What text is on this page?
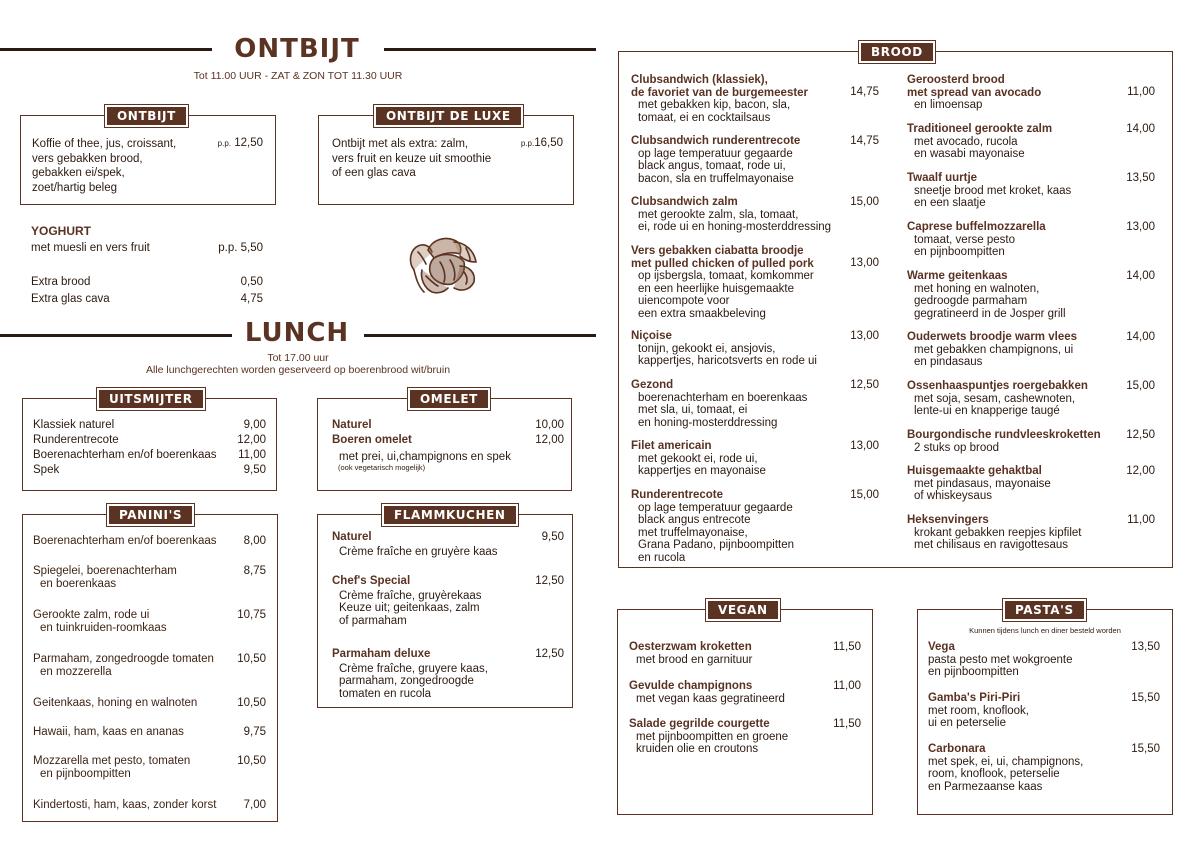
ONTBIJT
Tot 11.00 UUR - ZAT & ZON TOT 11.30 UUR
ONTBIJT
Koffie of thee, jus, croissant,
vers gebakken brood,
gebakken ei/spek,
zoet/hartig beleg
p.p. 12,50
ONTBIJT DE LUXE
Ontbijt met als extra: zalm,
vers fruit en keuze uit smoothie
of een glas cava
p.p.16,50
YOGHURT
met muesli en vers fruit	p.p. 5,50
Extra brood	0,50
Extra glas cava	4,75
LUNCH
Tot 17.00 uur
Alle lunchgerechten worden geserveerd op boerenbrood wit/bruin
UITSMIJTER
Klassiek naturel	9,00
Runderentrecote	12,00
Boerenachterham en/of boerenkaas 11,00
Spek	9,50
OMELET
Naturel	10,00
Boeren omelet	12,00
met prei, ui,champignons en spek
(ook vegetarisch mogelijk)
PANINI'S
Boerenachterham en/of boerenkaas	8,00
Spiegelei, boerenachterham
en boerenkaas
8,75
Gerookte zalm, rode ui
en tuinkruiden-roomkaas
10,75
Parmaham, zongedroogde tomaten
en mozzerella
10,50
Geitenkaas, honing en walnoten	10,50
Hawaii, ham, kaas en ananas	9,75
Mozzarella met pesto, tomaten
en pijnboompitten
10,50
Kindertosti, ham, kaas, zonder korst	7,00
FLAMMKUCHEN
Naturel
Crème fraîche en gruyère kaas
9,50
Chef's Special
Crème fraîche, gruyèrekaas
Keuze uit; geitenkaas, zalm
of parmaham
12,50
Parmaham deluxe
Crème fraîche, gruyere kaas,
parmaham, zongedroogde
tomaten en rucola
12,50
BROOD
Clubsandwich (klassiek),
de favoriet van de burgemeester
met gebakken kip, bacon, sla,
tomaat, ei en cocktailsaus
14,75
Clubsandwich runderentrecote
op lage temperatuur gegaarde
black angus, tomaat, rode ui,
bacon, sla en truffelmayonaise
14,75
Clubsandwich zalm
met gerookte zalm, sla, tomaat,
ei, rode ui en honing-mosterddressing
15,00
Vers gebakken ciabatta broodje
met pulled chicken of pulled pork
op ijsbergsla, tomaat, komkommer
en een heerlijke huisgemaakte
uiencompote voor
een extra smaakbeleving
13,00
Niçoise
tonijn, gekookt ei, ansjovis,
kappertjes, haricotsverts en rode ui
13,00
Gezond
boerenachterham en boerenkaas
met sla, ui, tomaat, ei
en honing-mosterddressing
12,50
Filet americain
met gekookt ei, rode ui,
kappertjes en mayonaise
13,00
Runderentrecote
op lage temperatuur gegaarde
black angus entrecote
met truffelmayonaise,
Grana Padano, pijnboompitten
en rucola
15,00
Geroosterd brood
met spread van avocado
en limoensap
11,00
Traditioneel gerookte zalm
met avocado, rucola
en wasabi mayonaise
14,00
Twaalf uurtje
sneetje brood met kroket, kaas
en een slaatje
13,50
Caprese buffelmozzarella
tomaat, verse pesto
en pijnboompitten
13,00
Warme geitenkaas
met honing en walnoten,
gedroogde parmaham
gegratineerd in de Josper grill
14,00
Ouderwets broodje warm vlees
met gebakken champignons, ui
en pindasaus
14,00
Ossenhaaspuntjes roergebakken
met soja, sesam, cashewnoten,
lente-ui en knapperige taugé
15,00
Bourgondische rundvleeskroketten
2 stuks op brood
12,50
Huisgemaakte gehaktbal
met pindasaus, mayonaise
of whiskeysaus
12,00
Heksenvingers
krokant gebakken reepjes kipfilet
met chilisaus en ravigottesaus
11,00
VEGAN
Oesterzwam kroketten
met brood en garnituur
11,50
Gevulde champignons
met vegan kaas gegratineerd
11,00
Salade gegrilde courgette
met pijnboompitten en groene
kruiden olie en croutons
11,50
PASTA'S
Kunnen tijdens lunch en diner besteld worden
Vega
pasta pesto met wokgroente
en pijnboompitten
13,50
Gamba's Piri-Piri
met room, knoflook,
ui en peterselie
15,50
Carbonara
met spek, ei, ui, champignons,
room, knoflook, peterselie
en Parmezaanse kaas
15,50
